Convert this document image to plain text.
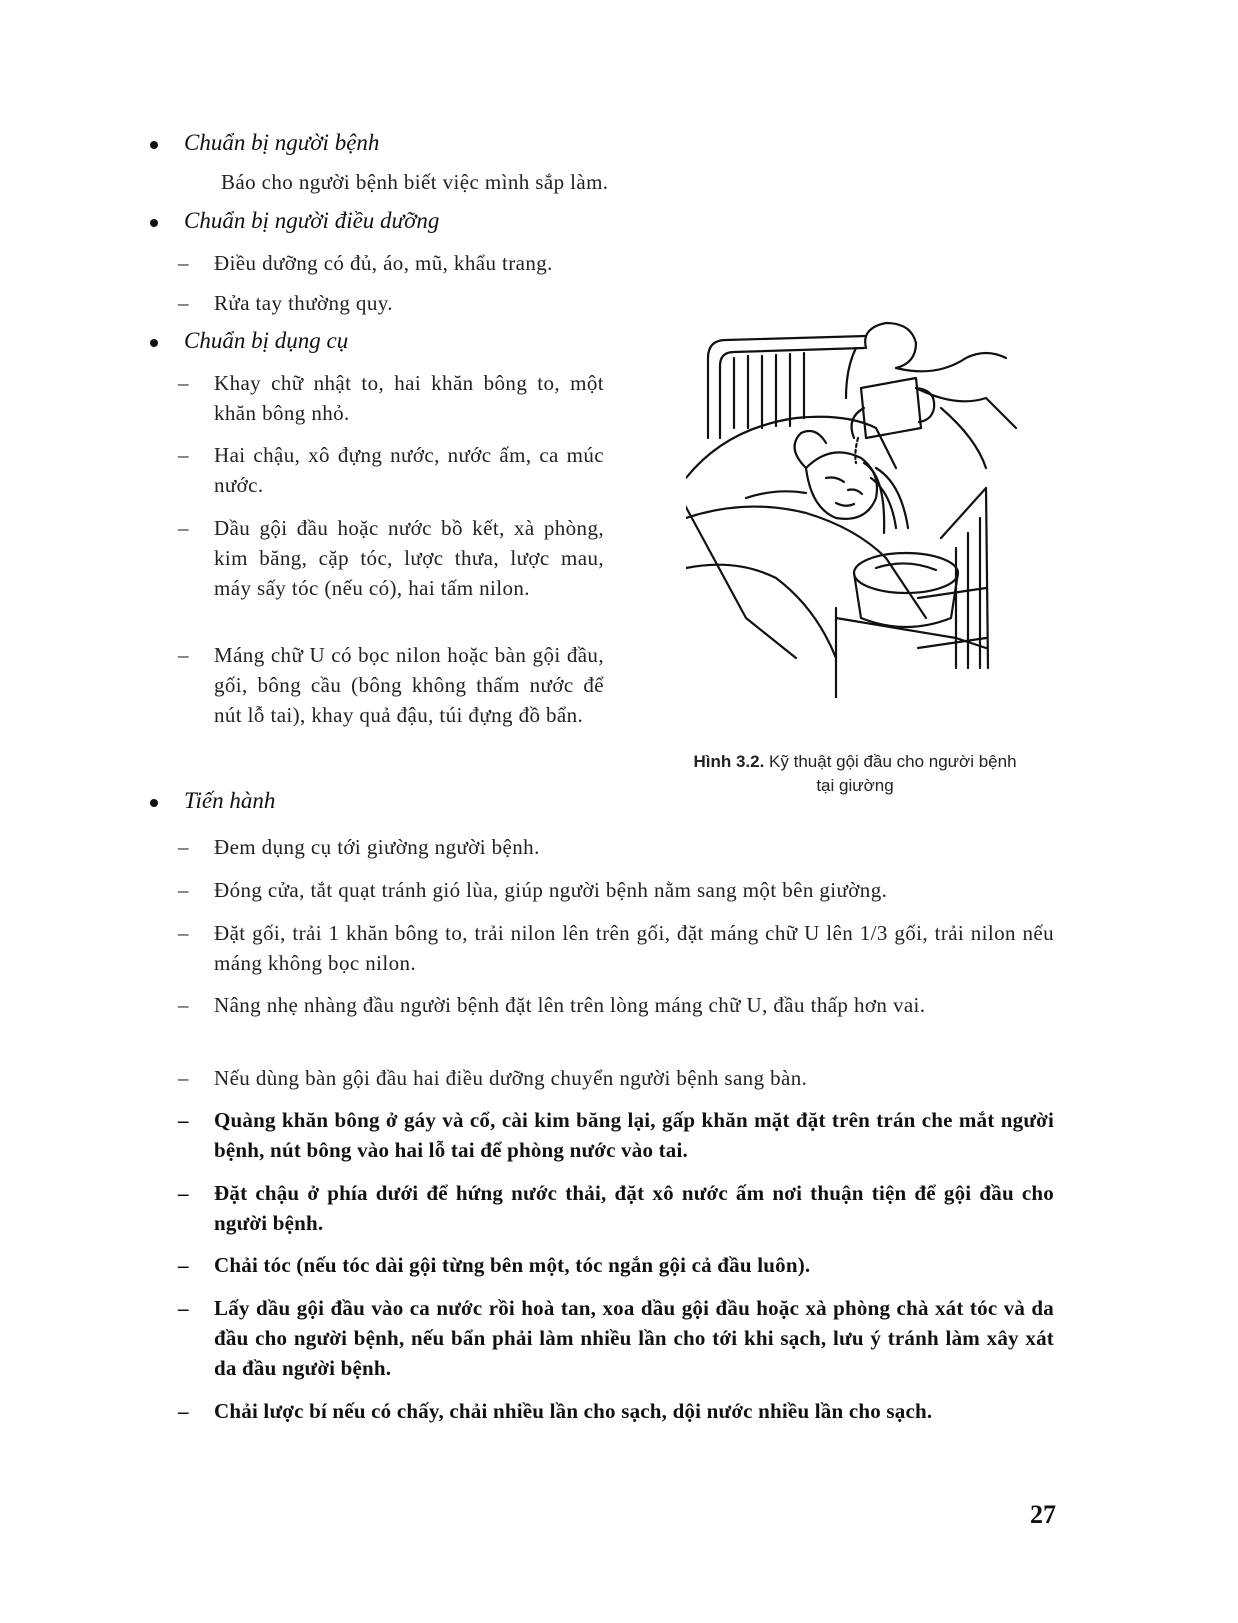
Chuẩn bị người bệnh
Báo cho người bệnh biết việc mình sắp làm.
Chuẩn bị người điều dưỡng
– Điều dưỡng có đủ, áo, mũ, khẩu trang.
– Rửa tay thường quy.
Chuẩn bị dụng cụ
– Khay chữ nhật to, hai khăn bông to, một khăn bông nhỏ.
– Hai chậu, xô đựng nước, nước ấm, ca múc nước.
– Dầu gội đầu hoặc nước bồ kết, xà phòng, kim băng, cặp tóc, lược thưa, lược mau, máy sấy tóc (nếu có), hai tấm nilon.
– Máng chữ U có bọc nilon hoặc bàn gội đầu, gối, bông cầu (bông không thấm nước để nút lỗ tai), khay quả đậu, túi đựng đồ bẩn.
Hình 3.2. Kỹ thuật gội đầu cho người bệnh tại giường
Tiến hành
– Đem dụng cụ tới giường người bệnh.
– Đóng cửa, tắt quạt tránh gió lùa, giúp người bệnh nằm sang một bên giường.
– Đặt gối, trải 1 khăn bông to, trải nilon lên trên gối, đặt máng chữ U lên 1/3 gối, trải nilon nếu máng không bọc nilon.
– Nâng nhẹ nhàng đầu người bệnh đặt lên trên lòng máng chữ U, đầu thấp hơn vai.
– Nếu dùng bàn gội đầu hai điều dưỡng chuyển người bệnh sang bàn.
– Quàng khăn bông ở gáy và cổ, cài kim băng lại, gấp khăn mặt đặt trên trán che mắt người bệnh, nút bông vào hai lỗ tai để phòng nước vào tai.
– Đặt chậu ở phía dưới để hứng nước thải, đặt xô nước ấm nơi thuận tiện để gội đầu cho người bệnh.
– Chải tóc (nếu tóc dài gội từng bên một, tóc ngắn gội cả đầu luôn).
– Lấy dầu gội đầu vào ca nước rồi hoà tan, xoa dầu gội đầu hoặc xà phòng chà xát tóc và da đầu cho người bệnh, nếu bẩn phải làm nhiều lần cho tới khi sạch, lưu ý tránh làm xây xát da đầu người bệnh.
– Chải lược bí nếu có chấy, chải nhiều lần cho sạch, dội nước nhiều lần cho sạch.
27
